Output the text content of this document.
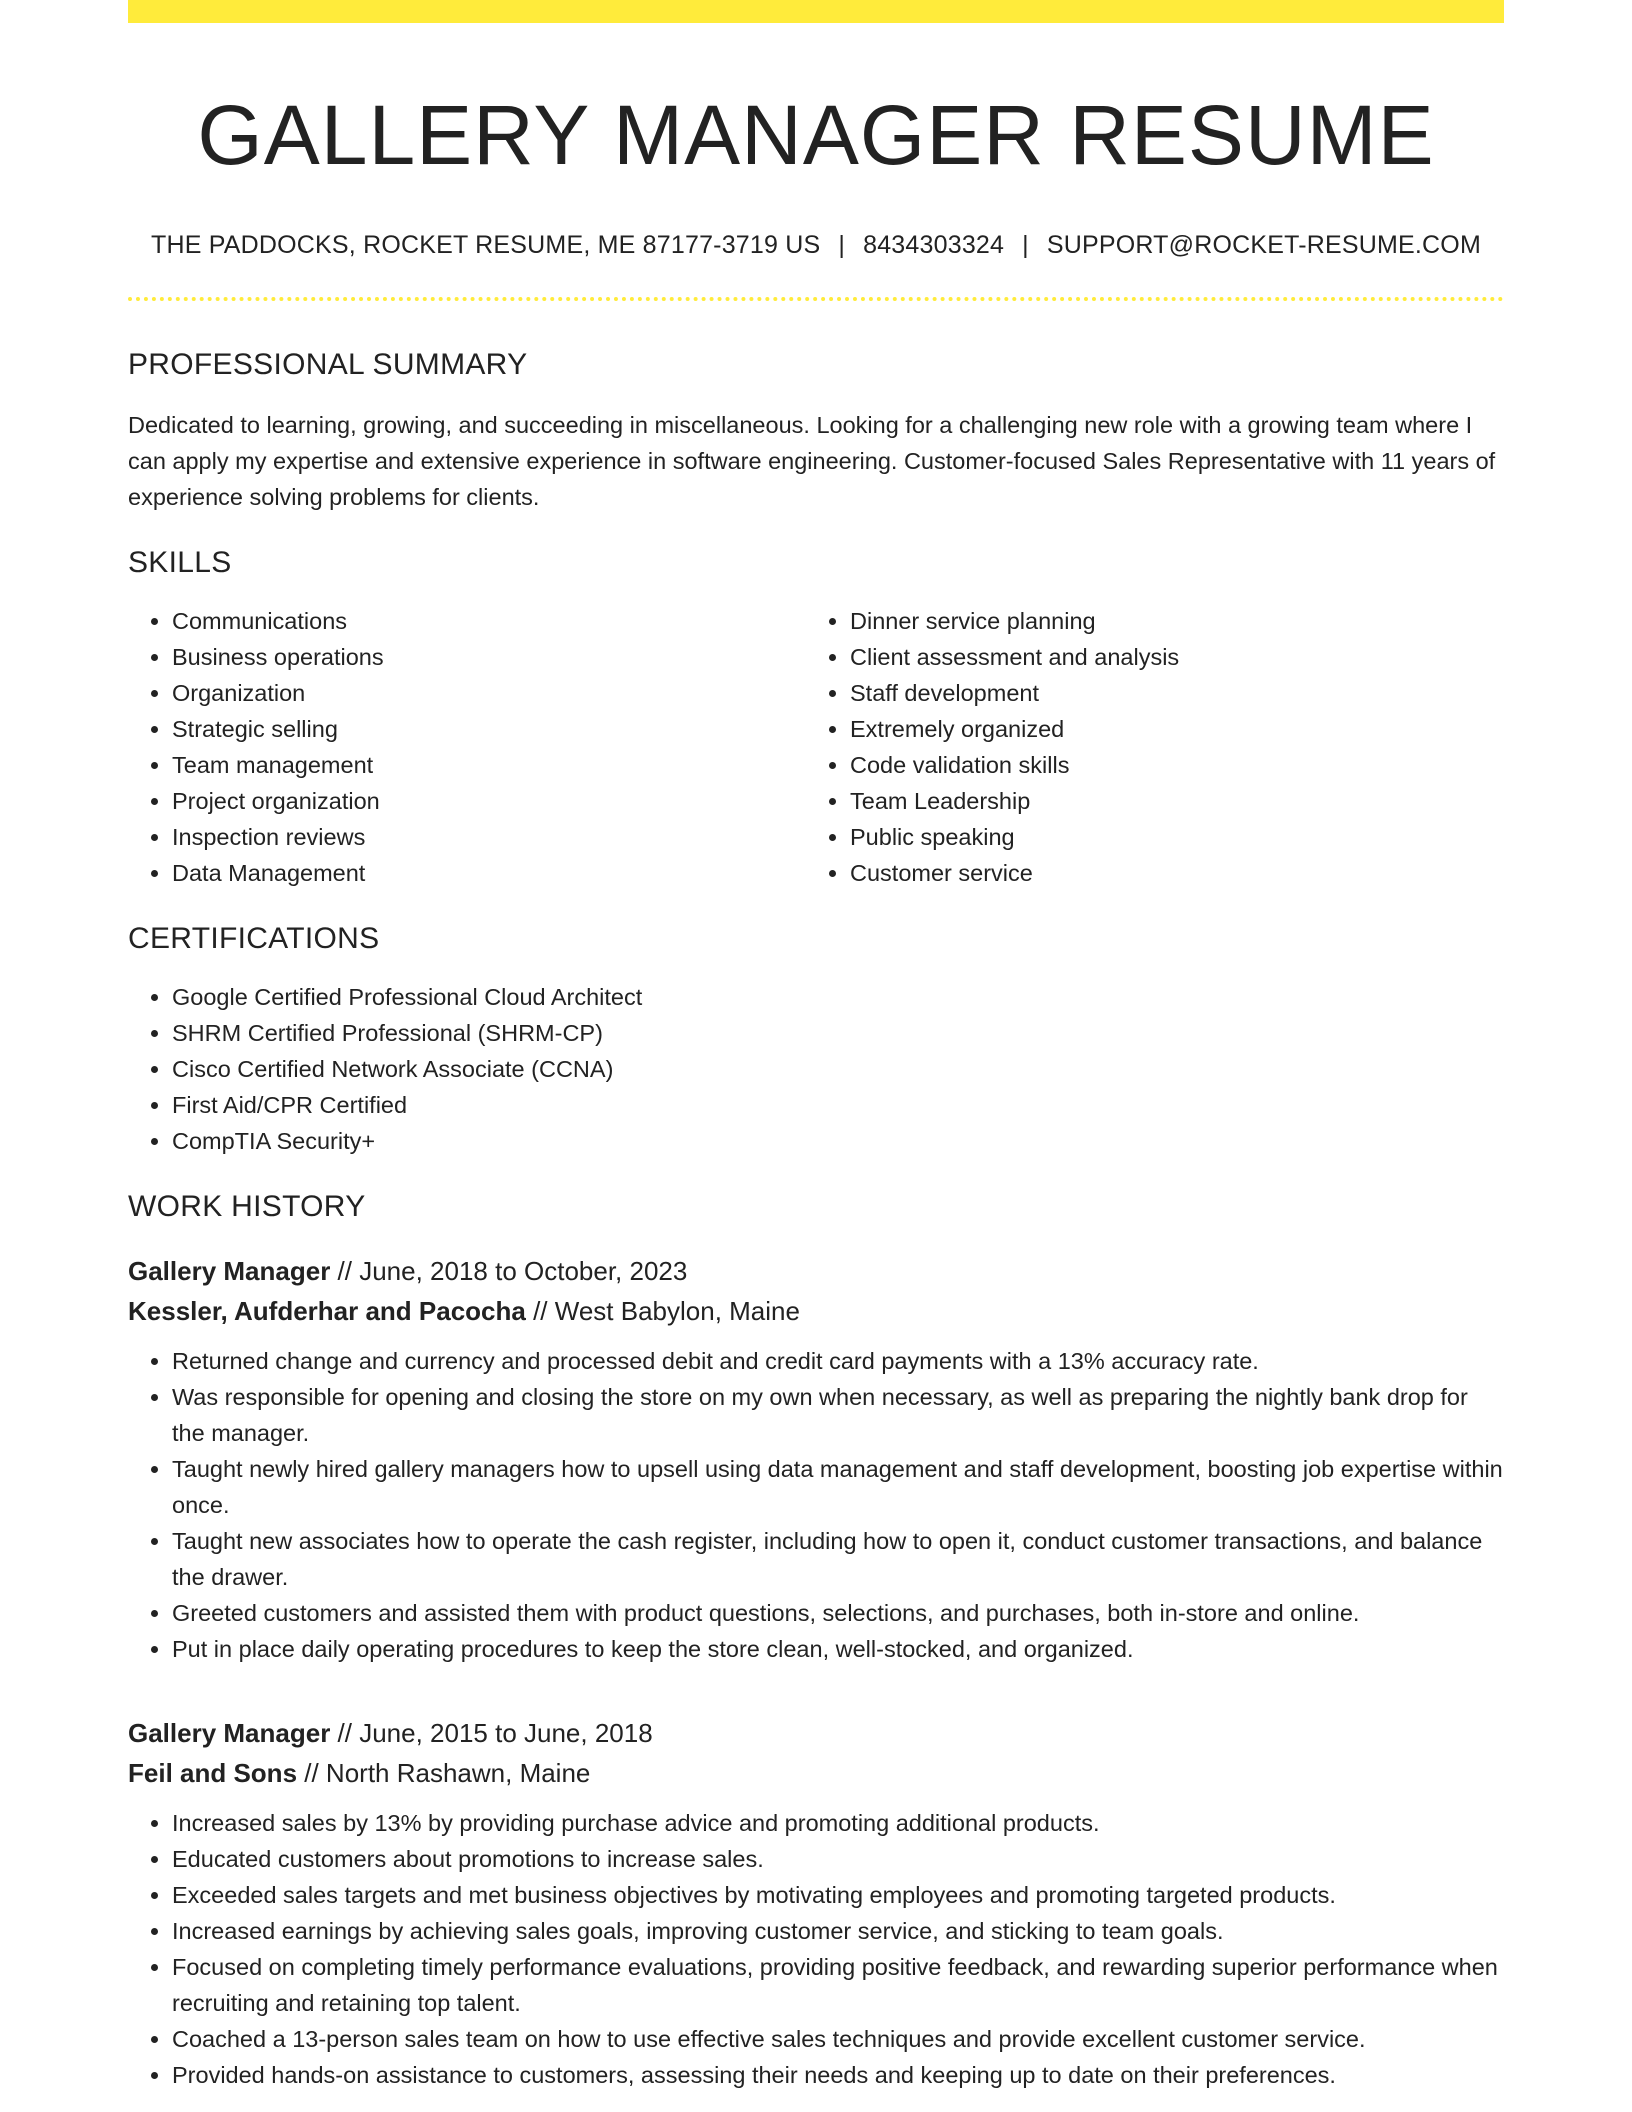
GALLERY MANAGER RESUME
THE PADDOCKS, ROCKET RESUME, ME 87177-3719 US | 8434303324 | SUPPORT@ROCKET-RESUME.COM
PROFESSIONAL SUMMARY

Dedicated to learning, growing, and succeeding in miscellaneous. Looking for a challenging new role with a growing team where I can apply my expertise and extensive experience in software engineering. Customer-focused Sales Representative with 11 years of experience solving problems for clients.

SKILLS
• Communications
• Business operations
• Organization
• Strategic selling
• Team management
• Project organization
• Inspection reviews
• Data Management
• Dinner service planning
• Client assessment and analysis
• Staff development
• Extremely organized
• Code validation skills
• Team Leadership
• Public speaking
• Customer service
CERTIFICATIONS
• Google Certified Professional Cloud Architect
• SHRM Certified Professional (SHRM-CP)
• Cisco Certified Network Associate (CCNA)
• First Aid/CPR Certified
• CompTIA Security+
WORK HISTORY
Gallery Manager // June, 2018 to October, 2023
Kessler, Aufderhar and Pacocha // West Babylon, Maine
• Returned change and currency and processed debit and credit card payments with a 13% accuracy rate.
• Was responsible for opening and closing the store on my own when necessary, as well as preparing the nightly bank drop for the manager.
• Taught newly hired gallery managers how to upsell using data management and staff development, boosting job expertise within once.
• Taught new associates how to operate the cash register, including how to open it, conduct customer transactions, and balance the drawer.
• Greeted customers and assisted them with product questions, selections, and purchases, both in-store and online.
• Put in place daily operating procedures to keep the store clean, well-stocked, and organized.
Gallery Manager // June, 2015 to June, 2018
Feil and Sons // North Rashawn, Maine
• Increased sales by 13% by providing purchase advice and promoting additional products.
• Educated customers about promotions to increase sales.
• Exceeded sales targets and met business objectives by motivating employees and promoting targeted products.
• Increased earnings by achieving sales goals, improving customer service, and sticking to team goals.
• Focused on completing timely performance evaluations, providing positive feedback, and rewarding superior performance when recruiting and retaining top talent.
• Coached a 13-person sales team on how to use effective sales techniques and provide excellent customer service.
• Provided hands-on assistance to customers, assessing their needs and keeping up to date on their preferences.
